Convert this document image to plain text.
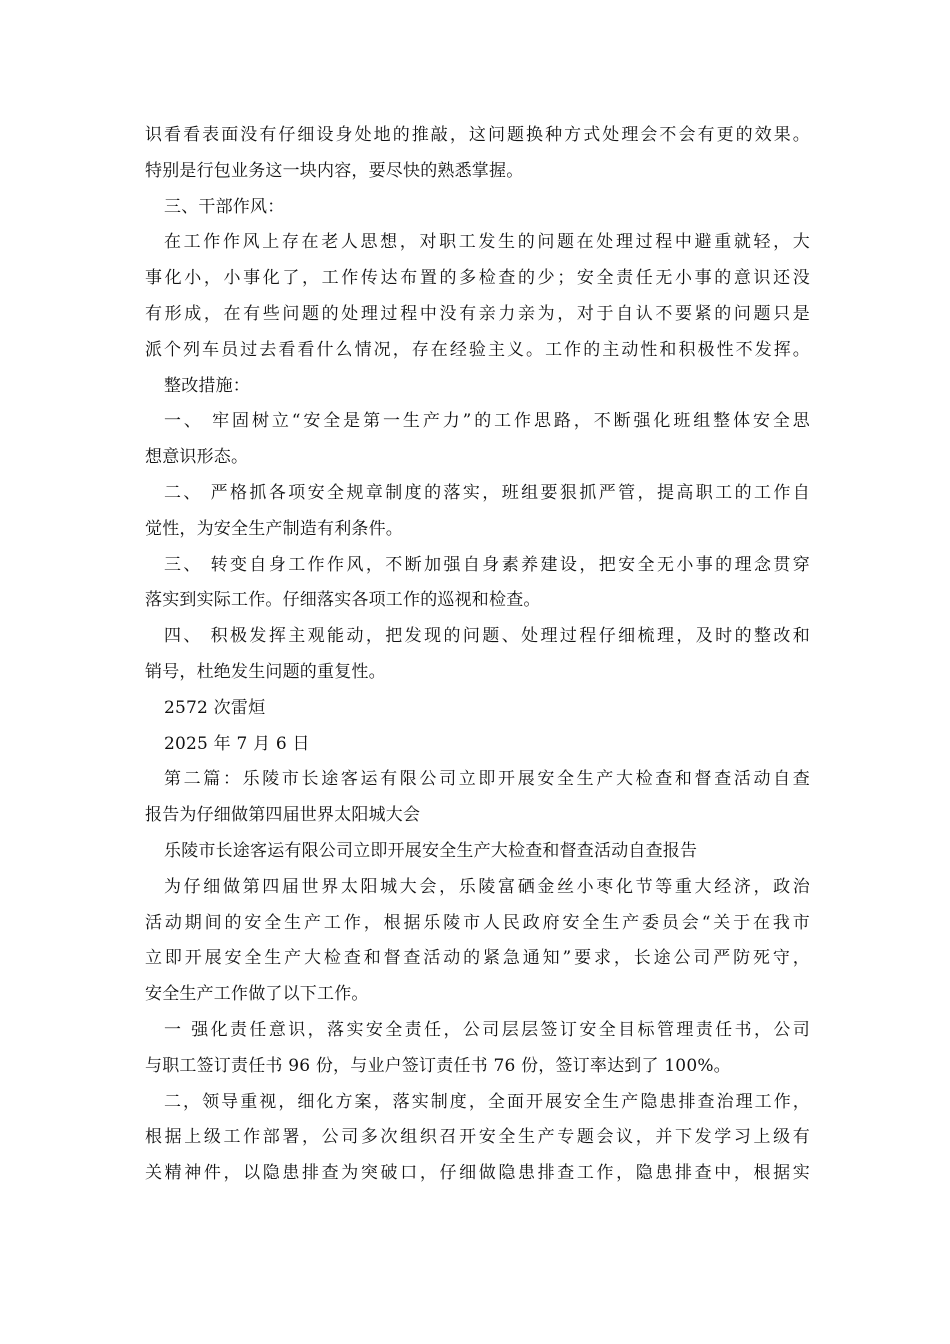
识看看表面没有仔细设身处地的推敲，这问题换种方式处理会不会有更的效果。
特别是行包业务这一块内容，要尽快的熟悉掌握。
三、干部作风：
在工作作风上存在老人思想，对职工发生的问题在处理过程中避重就轻，大
事化小，小事化了，工作传达布置的多检查的少；安全责任无小事的意识还没
有形成，在有些问题的处理过程中没有亲力亲为，对于自认不要紧的问题只是
派个列车员过去看看什么情况，存在经验主义。工作的主动性和积极性不发挥。
整改措施：
一、 牢固树立“安全是第一生产力”的工作思路，不断强化班组整体安全思
想意识形态。
二、 严格抓各项安全规章制度的落实，班组要狠抓严管，提高职工的工作自
觉性，为安全生产制造有利条件。
三、 转变自身工作作风，不断加强自身素养建设，把安全无小事的理念贯穿
落实到实际工作。仔细落实各项工作的巡视和检查。
四、 积极发挥主观能动，把发现的问题、处理过程仔细梳理，及时的整改和
销号，杜绝发生问题的重复性。
2572 次雷烜
2025 年 7 月 6 日
第二篇：乐陵市长途客运有限公司立即开展安全生产大检查和督查活动自查
报告为仔细做第四届世界太阳城大会
乐陵市长途客运有限公司立即开展安全生产大检查和督查活动自查报告
为仔细做第四届世界太阳城大会，乐陵富硒金丝小枣化节等重大经济，政治
活动期间的安全生产工作，根据乐陵市人民政府安全生产委员会“关于在我市
立即开展安全生产大检查和督查活动的紧急通知”要求，长途公司严防死守，
安全生产工作做了以下工作。
一 强化责任意识，落实安全责任，公司层层签订安全目标管理责任书，公司
与职工签订责任书 96 份，与业户签订责任书 76 份，签订率达到了 100%。
二，领导重视，细化方案，落实制度，全面开展安全生产隐患排查治理工作，
根据上级工作部署，公司多次组织召开安全生产专题会议，并下发学习上级有
关精神件，以隐患排查为突破口，仔细做隐患排查工作，隐患排查中，根据实
